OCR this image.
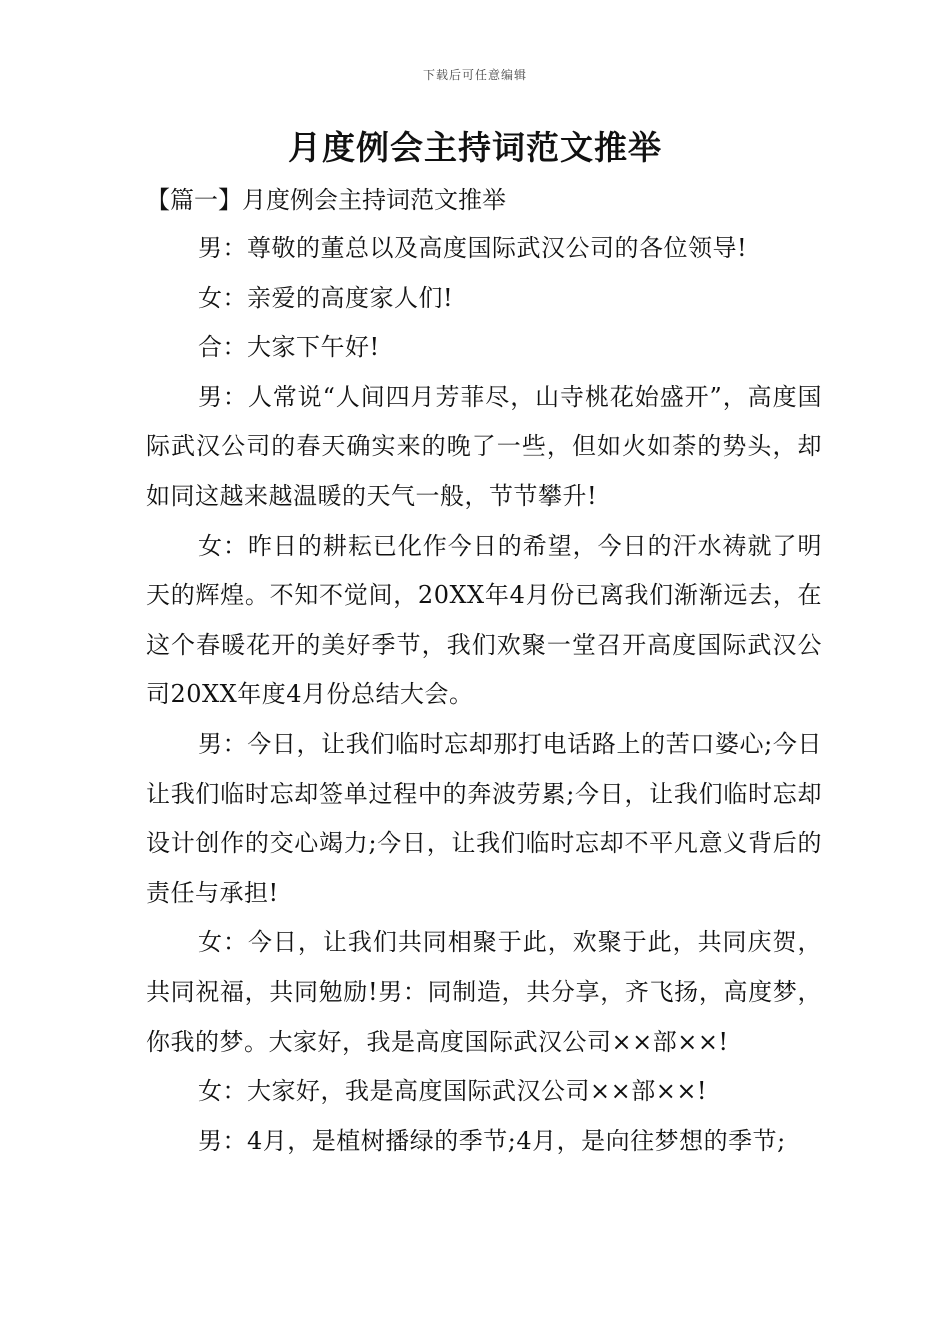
下载后可任意编辑
月度例会主持词范文推举
【篇一】月度例会主持词范文推举

男：尊敬的董总以及高度国际武汉公司的各位领导!

女：亲爱的高度家人们!

合：大家下午好!

男：人常说“人间四月芳菲尽，山寺桃花始盛开”，高度国际武汉公司的春天确实来的晚了一些，但如火如荼的势头，却如同这越来越温暖的天气一般，节节攀升!

女：昨日的耕耘已化作今日的希望，今日的汗水祷就了明天的辉煌。不知不觉间，20XX年4月份已离我们渐渐远去，在这个春暖花开的美好季节，我们欢聚一堂召开高度国际武汉公司20XX年度4月份总结大会。

男：今日，让我们临时忘却那打电话路上的苦口婆心;今日让我们临时忘却签单过程中的奔波劳累;今日，让我们临时忘却设计创作的交心竭力;今日，让我们临时忘却不平凡意义背后的责任与承担!

女：今日，让我们共同相聚于此，欢聚于此，共同庆贺，共同祝福，共同勉励!男：同制造，共分享，齐飞扬，高度梦，你我的梦。大家好，我是高度国际武汉公司××部××!

女：大家好，我是高度国际武汉公司××部××!

男：4月，是植树播绿的季节;4月，是向往梦想的季节;
